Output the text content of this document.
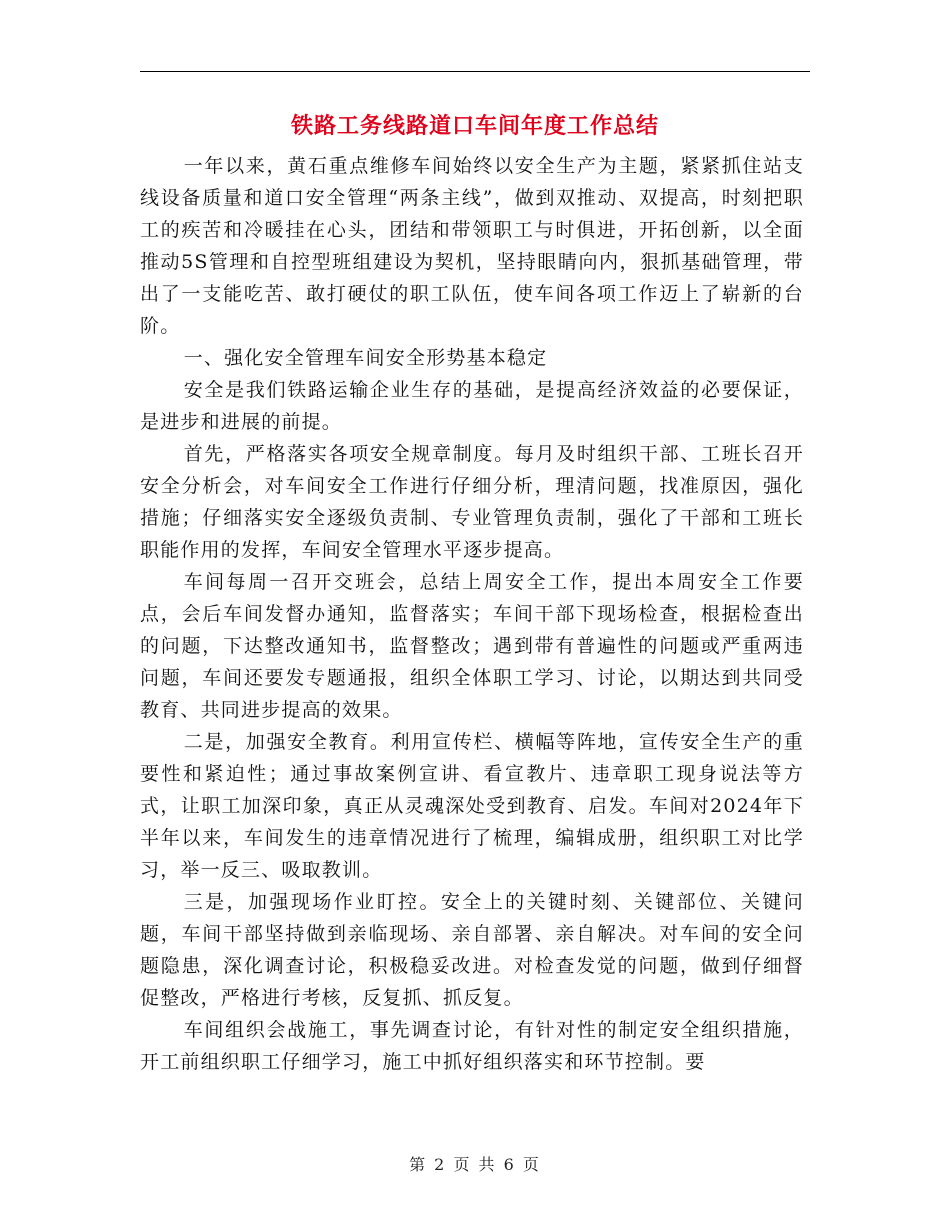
铁路工务线路道口车间年度工作总结

一年以来，黄石重点维修车间始终以安全生产为主题，紧紧抓住站支线设备质量和道口安全管理“两条主线”，做到双推动、双提高，时刻把职工的疾苦和冷暖挂在心头，团结和带领职工与时俱进，开拓创新，以全面推动5S管理和自控型班组建设为契机，坚持眼睛向内，狠抓基础管理，带出了一支能吃苦、敢打硬仗的职工队伍，使车间各项工作迈上了崭新的台阶。

一、强化安全管理车间安全形势基本稳定

安全是我们铁路运输企业生存的基础，是提高经济效益的必要保证，是进步和进展的前提。

首先，严格落实各项安全规章制度。每月及时组织干部、工班长召开安全分析会，对车间安全工作进行仔细分析，理清问题，找准原因，强化措施；仔细落实安全逐级负责制、专业管理负责制，强化了干部和工班长职能作用的发挥，车间安全管理水平逐步提高。

车间每周一召开交班会，总结上周安全工作，提出本周安全工作要点，会后车间发督办通知，监督落实；车间干部下现场检查，根据检查出的问题，下达整改通知书，监督整改；遇到带有普遍性的问题或严重两违问题，车间还要发专题通报，组织全体职工学习、讨论，以期达到共同受教育、共同进步提高的效果。

二是，加强安全教育。利用宣传栏、横幅等阵地，宣传安全生产的重要性和紧迫性；通过事故案例宣讲、看宣教片、违章职工现身说法等方式，让职工加深印象，真正从灵魂深处受到教育、启发。车间对2024年下半年以来，车间发生的违章情况进行了梳理，编辑成册，组织职工对比学习，举一反三、吸取教训。

三是，加强现场作业盯控。安全上的关键时刻、关键部位、关键问题，车间干部坚持做到亲临现场、亲自部署、亲自解决。对车间的安全问题隐患，深化调查讨论，积极稳妥改进。对检查发觉的问题，做到仔细督促整改，严格进行考核，反复抓、抓反复。

车间组织会战施工，事先调查讨论，有针对性的制定安全组织措施，开工前组织职工仔细学习，施工中抓好组织落实和环节控制。要

第 2 页 共 6 页
